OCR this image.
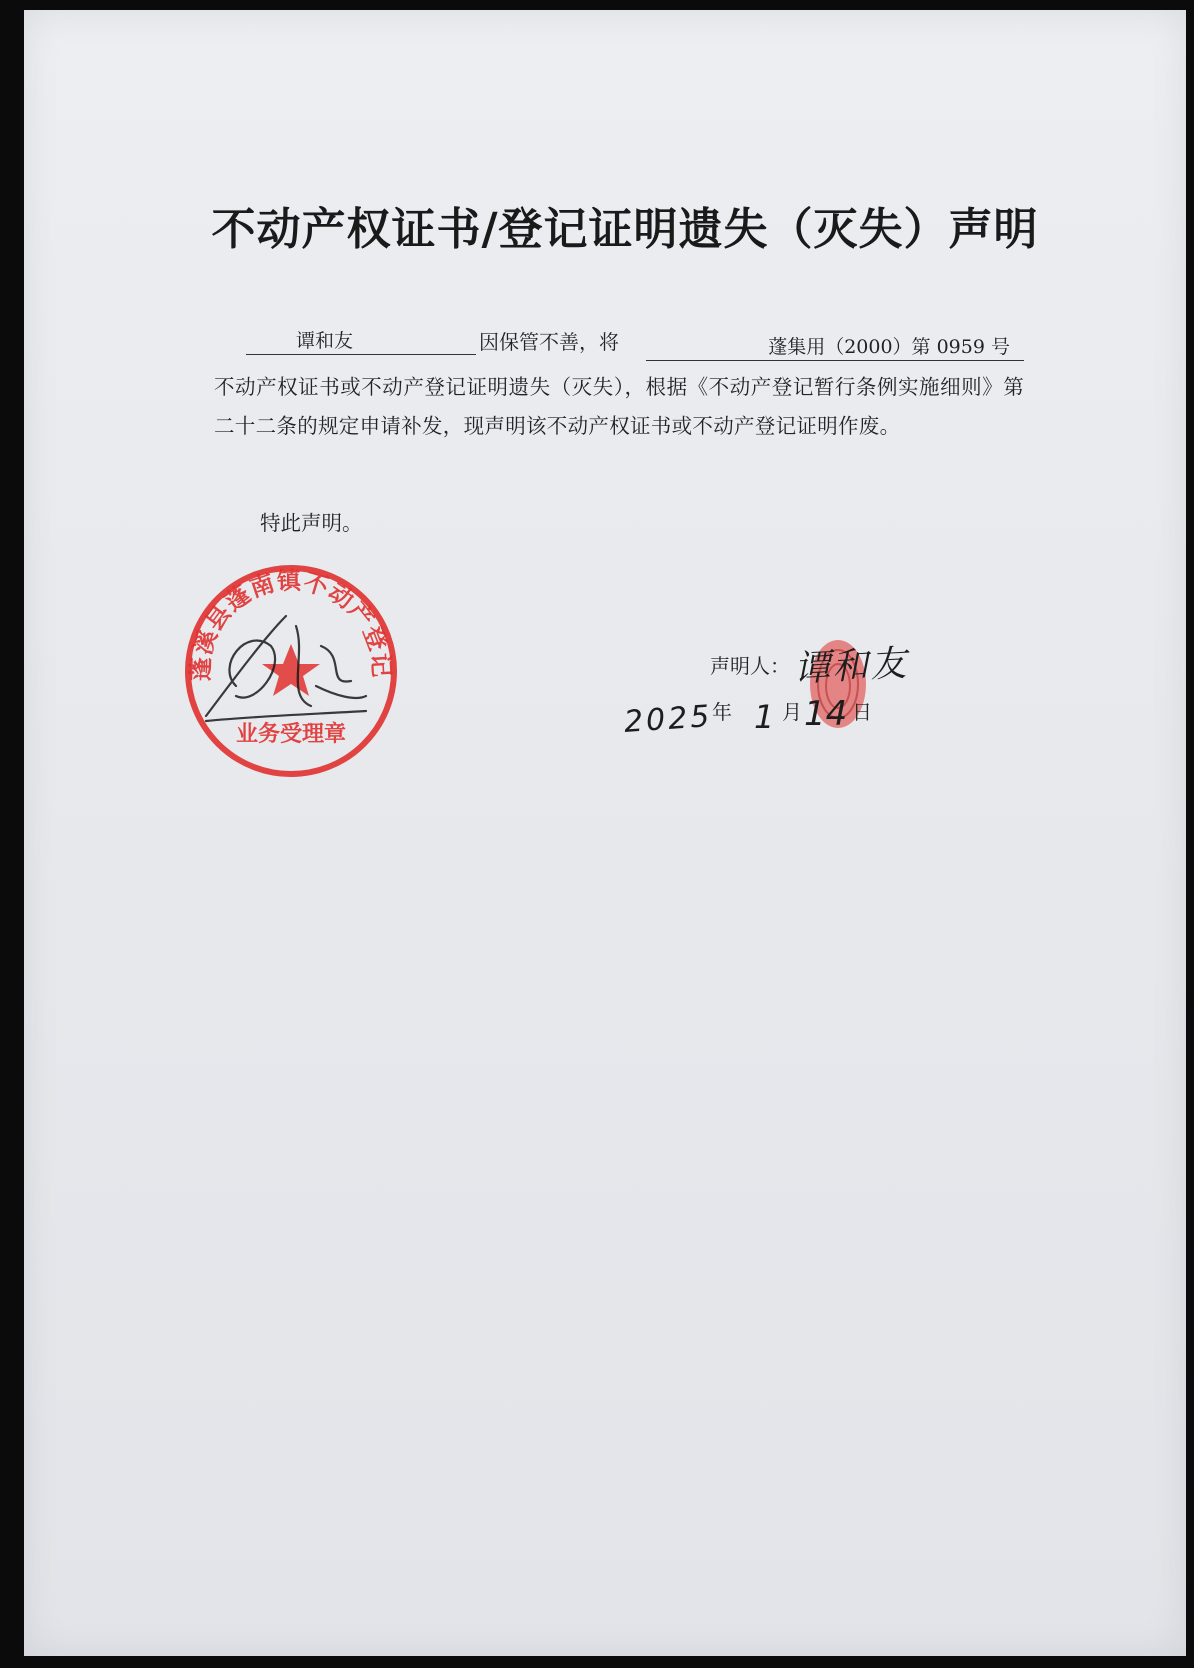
不动产权证书/登记证明遗失（灭失）声明
谭和友	因保管不善，将	蓬集用（2000）第 0959 号
不动产权证书或不动产登记证明遗失（灭失），根据《不动产登记暂行条例实施细则》第二十二条的规定申请补发，现声明该不动产权证书或不动产登记证明作废。
特此声明。
蓬溪县蓬南镇不动产登记
业务受理章
声明人： 谭和友
2025
年 1 月 14 日
